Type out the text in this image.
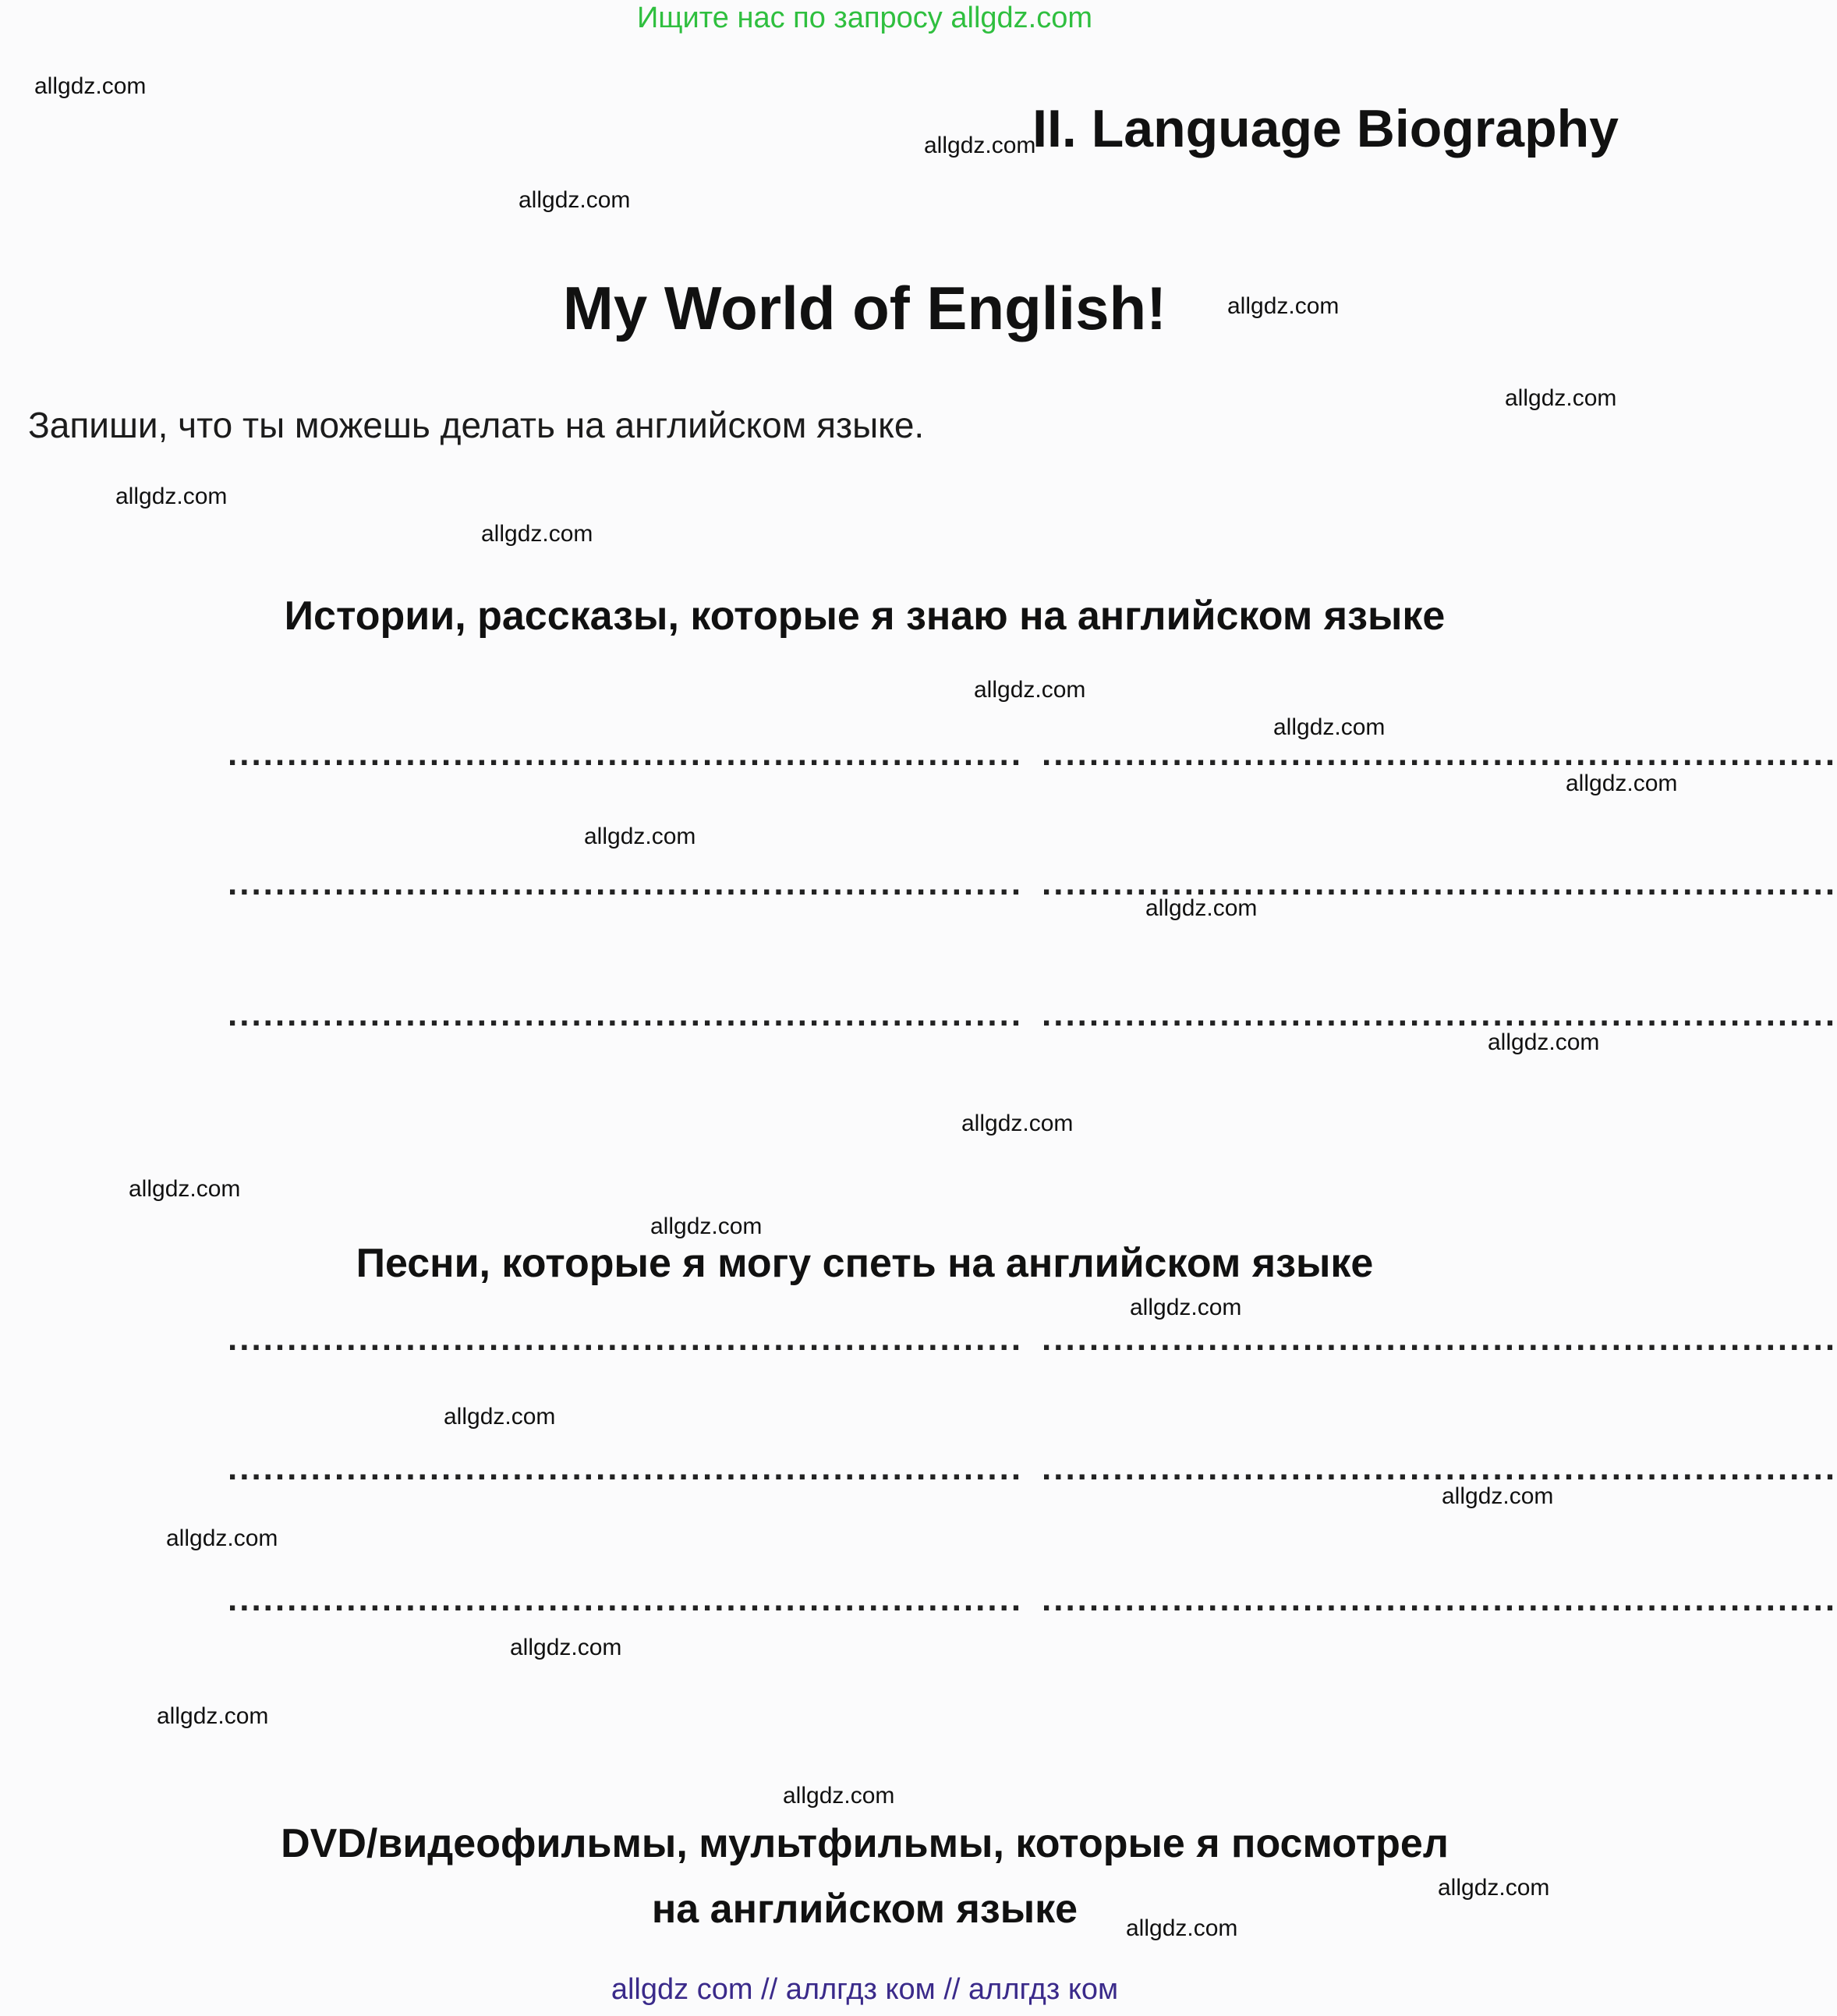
Ищите нас по запросу allgdz.com
II. Language Biography
My World of English!
Запиши, что ты можешь делать на английском языке.
Истории, рассказы, которые я знаю на английском языке
................................................................... ...................................................................
................................................................... ...................................................................
................................................................... ...................................................................
Песни, которые я могу спеть на английском языке
................................................................... ...................................................................
................................................................... ...................................................................
................................................................... ...................................................................
DVD/видеофильмы, мультфильмы, которые я посмотрел
на английском языке
allgdz.com
allgdz.com
allgdz.com
allgdz.com
allgdz.com
allgdz.com
allgdz.com
allgdz.com
allgdz.com
allgdz.com
allgdz.com
allgdz.com
allgdz.com
allgdz.com
allgdz.com
allgdz.com
allgdz.com
allgdz.com
allgdz.com
allgdz.com
allgdz.com
allgdz.com
allgdz.com
allgdz.com
allgdz.com
allgdz com // аллгдз ком // аллгдз ком
